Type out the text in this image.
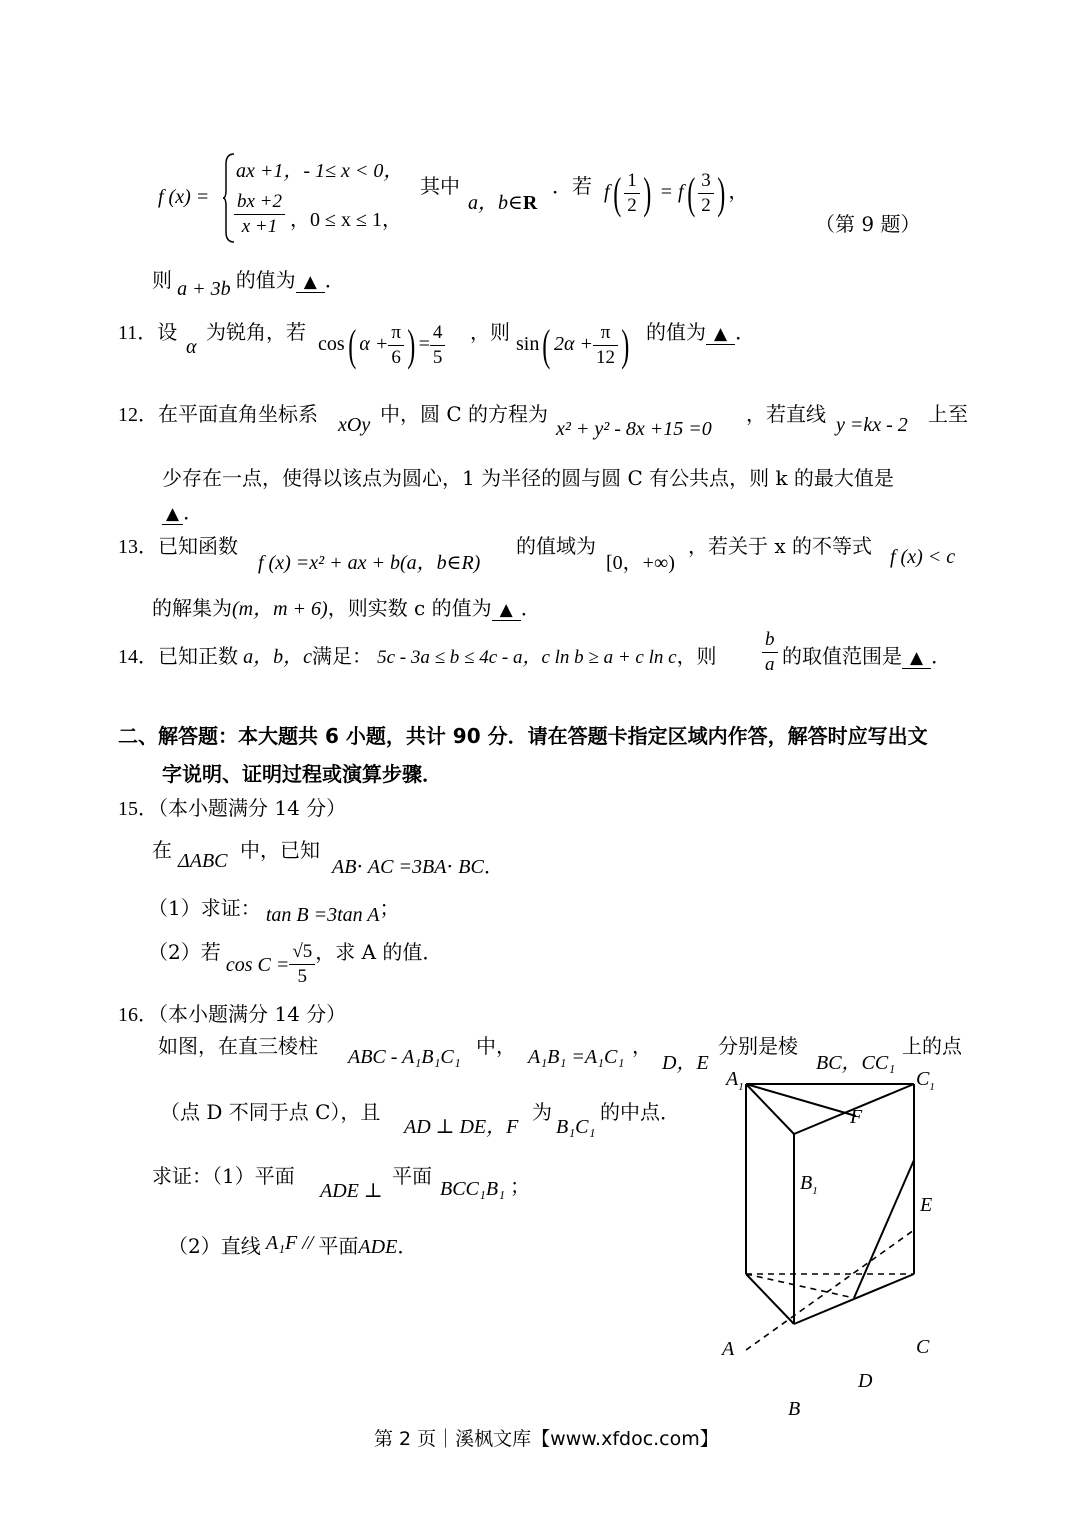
f (x) =
ax +1，- 1≤ x < 0，
$\frac{bx +2}{x +1}$ ，0 ≤ x ≤ 1，
其中
a，b∈R
．若 $f( \frac{1}{2}$ ) = $f( \frac{3}{2}$ ) ，
（第 9 题）
则 a + 3b 的值为 ▲ ．
11．设
α
为锐角，若 cos( $\alpha + \frac{\pi}{6}$ ) = $\frac{4}{5}$ ，则 sin( $2\alpha + \frac{\pi}{12}$ ) 的值为 ▲ ．
12．在平面直角坐标系 xOy 中，圆 C 的方程为
x² + y² - 8x +15 =0
，若直线 y =kx - 2 上至
少存在一点，使得以该点为圆心，1 为半径的圆与圆 C 有公共点，则 k 的最大值是
▲ ．
13．已知函数
f (x) =x² + ax + b(a，b∈R)
的值域为
[0，+∞)
，若关于 x 的不等式 f (x) < c
的解集为(m，m + 6)，则实数 c 的值为 ▲ ．
14．已知正数 a，b，c满足： 5c - 3a ≤ b ≤ 4c - a，c ln b ≥ a + c ln c，则 $\frac{b}{a}$ 的取值范围是 ▲ ．
二、解答题：本大题共 6 小题，共计 90 分．请在答题卡指定区域内作答，解答时应写出文
字说明、证明过程或演算步骤．
15．（本小题满分 14 分）
在 ΔABC 中，已知
AB⋅ AC =3BA⋅ BC．
（1）求证： tan B =3tan A；
（2）若 $\cos C = \frac{√5}{5}$ ，求 A 的值．
16．（本小题满分 14 分）
如图，在直三棱柱 ABC - A₁B₁C₁ 中， A₁B₁ =A₁C₁ ，
D，E
分别是棱
BC，CC₁
上的点
（点 D 不同于点 C），且
AD ⊥ DE，F
为
B₁C₁
的中点．
求证：（1）平面
ADE ⊥
平面
BCC₁B₁ ；
（2）直线 A₁F // 平面ADE．
$A_1$	$C_1$
F
$B_1$
E
A	C
D
B
第 2 页｜溪枫文库【www.xfdoc.com】
